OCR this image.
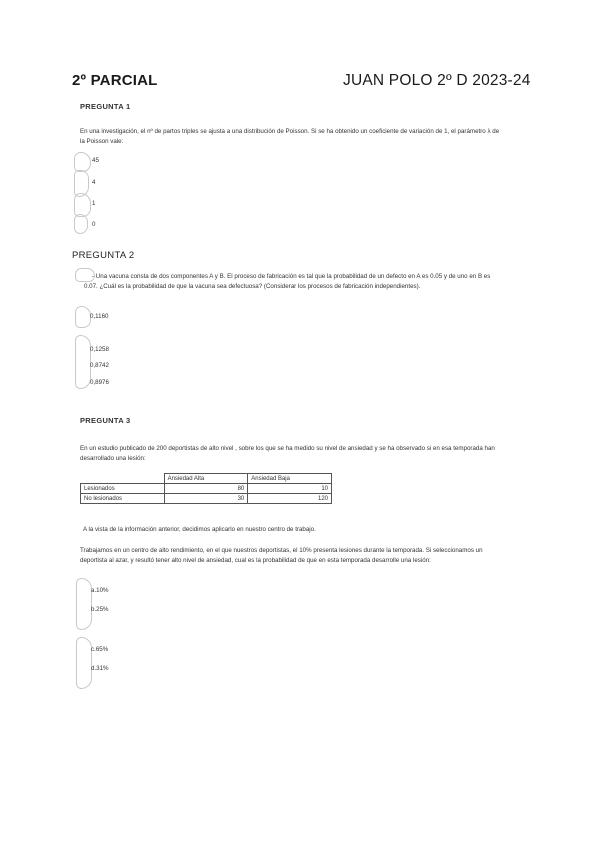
2º PARCIAL	JUAN POLO 2º D 2023-24
PREGUNTA 1
En una investigación, el nº de partos triples se ajusta a una distribución de Poisson. Si se ha obtenido un coeficiente de variación de 1, el parámetro λ de
la Poisson vale:
45
4
1
0
PREGUNTA 2
- Una vacuna consta de dos componentes A y B. El proceso de fabricación es tal que la probabilidad de un defecto en A es 0.05 y de uno en B es
0.07. ¿Cuál es la probabilidad de que la vacuna sea defectuosa? (Considerar los procesos de fabricación independientes).
0,1160
0,1258
0,8742
0,8976
PREGUNTA 3
En un estudio publicado de 200 deportistas de alto nivel , sobre los que se ha medido su nivel de ansiedad y se ha observado si en esa temporada han
desarrollado una lesión:
	Ansiedad Alta	Ansiedad Baja
Lesionados	80	10
No lesionados	30	120
A la vista de la información anterior, decidimos aplicarlo en nuestro centro de trabajo.
Trabajamos en un centro de alto rendimiento, en el que nuestros deportistas, el 10% presenta lesiones durante la temporada. Si seleccionamos un
deportista al azar, y resultó tener alto nivel de ansiedad, cual es la probabilidad de que en esta temporada desarrolle una lesión:
a.10%
b.25%
c.65%
d.31%
